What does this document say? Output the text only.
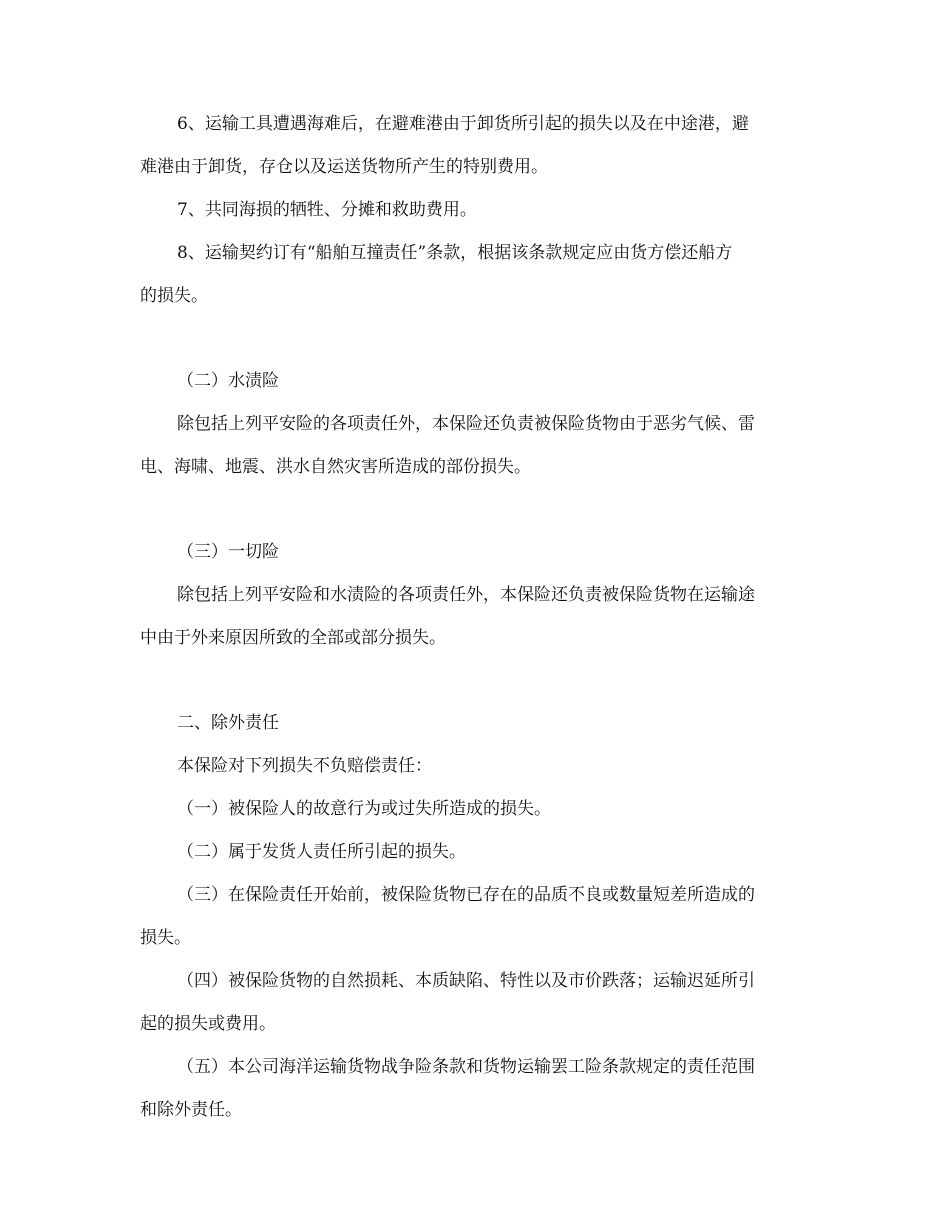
6、运输工具遭遇海难后，在避难港由于卸货所引起的损失以及在中途港，避
难港由于卸货，存仓以及运送货物所产生的特别费用。
7、共同海损的牺牲、分摊和救助费用。
8、运输契约订有“船舶互撞责任”条款，根据该条款规定应由货方偿还船方
的损失。
（二）水渍险
除包括上列平安险的各项责任外，本保险还负责被保险货物由于恶劣气候、雷
电、海啸、地震、洪水自然灾害所造成的部份损失。
（三）一切险
除包括上列平安险和水渍险的各项责任外，本保险还负责被保险货物在运输途
中由于外来原因所致的全部或部分损失。
二、除外责任
本保险对下列损失不负赔偿责任：
（一）被保险人的故意行为或过失所造成的损失。
（二）属于发货人责任所引起的损失。
（三）在保险责任开始前，被保险货物已存在的品质不良或数量短差所造成的
损失。
（四）被保险货物的自然损耗、本质缺陷、特性以及市价跌落；运输迟延所引
起的损失或费用。
（五）本公司海洋运输货物战争险条款和货物运输罢工险条款规定的责任范围
和除外责任。
